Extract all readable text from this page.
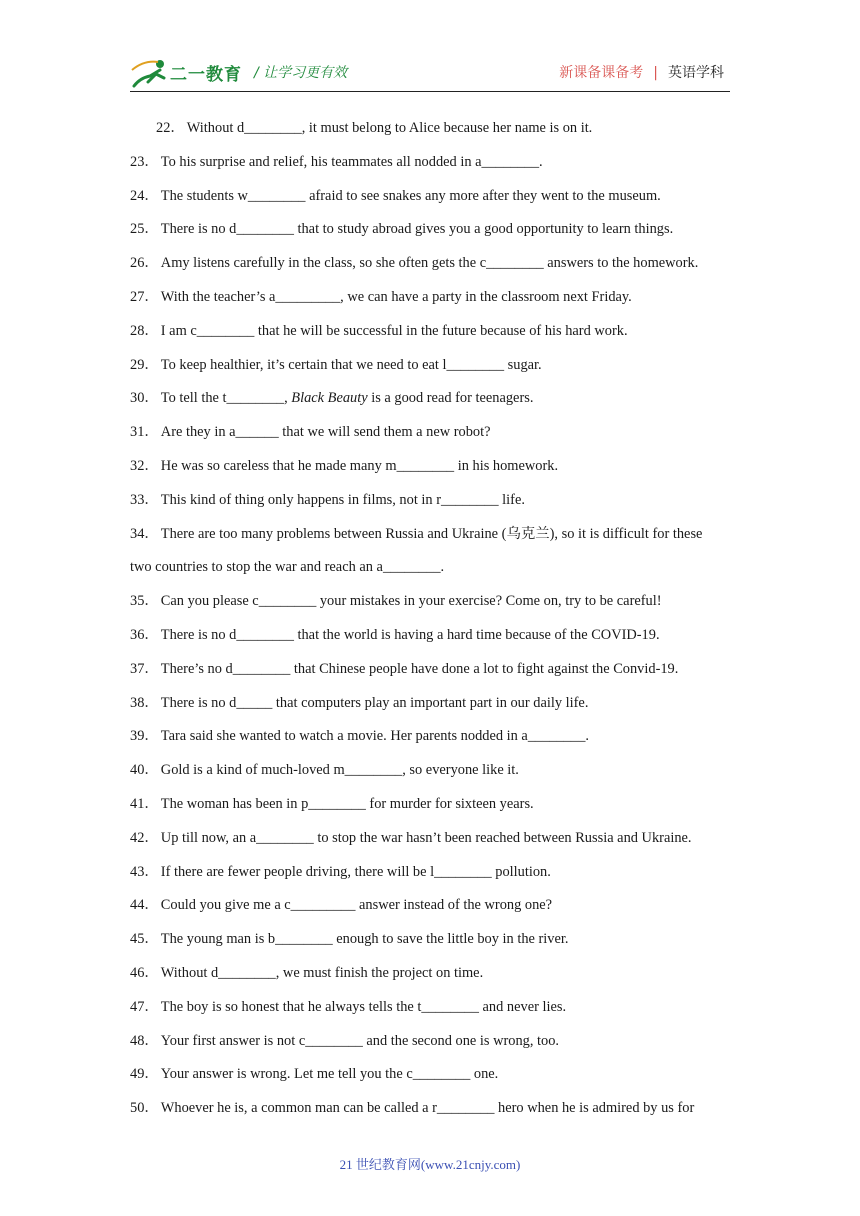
二一教育 / 让学习更有效	新课备课备考 | 英语学科
22． Without d________, it must belong to Alice because her name is on it.
23． To his surprise and relief, his teammates all nodded in a________.
24． The students w________ afraid to see snakes any more after they went to the museum.
25． There is no d________ that to study abroad gives you a good opportunity to learn things.
26． Amy listens carefully in the class, so she often gets the c________ answers to the homework.
27． With the teacher’s a_________, we can have a party in the classroom next Friday.
28． I am c________ that he will be successful in the future because of his hard work.
29． To keep healthier, it’s certain that we need to eat l________ sugar.
30． To tell the t________, Black Beauty is a good read for teenagers.
31． Are they in a______ that we will send them a new robot?
32． He was so careless that he made many m________ in his homework.
33． This kind of thing only happens in films, not in r________ life.
34． There are too many problems between Russia and Ukraine (乌克兰), so it is difficult for these
two countries to stop the war and reach an a________.
35． Can you please c________ your mistakes in your exercise? Come on, try to be careful!
36． There is no d________ that the world is having a hard time because of the COVID-19.
37． There’s no d________ that Chinese people have done a lot to fight against the Convid-19.
38． There is no d_____ that computers play an important part in our daily life.
39． Tara said she wanted to watch a movie. Her parents nodded in a________.
40． Gold is a kind of much-loved m________, so everyone like it.
41． The woman has been in p________ for murder for sixteen years.
42． Up till now, an a________ to stop the war hasn’t been reached between Russia and Ukraine.
43． If there are fewer people driving, there will be l________ pollution.
44． Could you give me a c_________ answer instead of the wrong one?
45． The young man is b________ enough to save the little boy in the river.
46． Without d________, we must finish the project on time.
47． The boy is so honest that he always tells the t________ and never lies.
48． Your first answer is not c________ and the second one is wrong, too.
49． Your answer is wrong. Let me tell you the c________ one.
50． Whoever he is, a common man can be called a r________ hero when he is admired by us for
21 世纪教育网(www.21cnjy.com)
